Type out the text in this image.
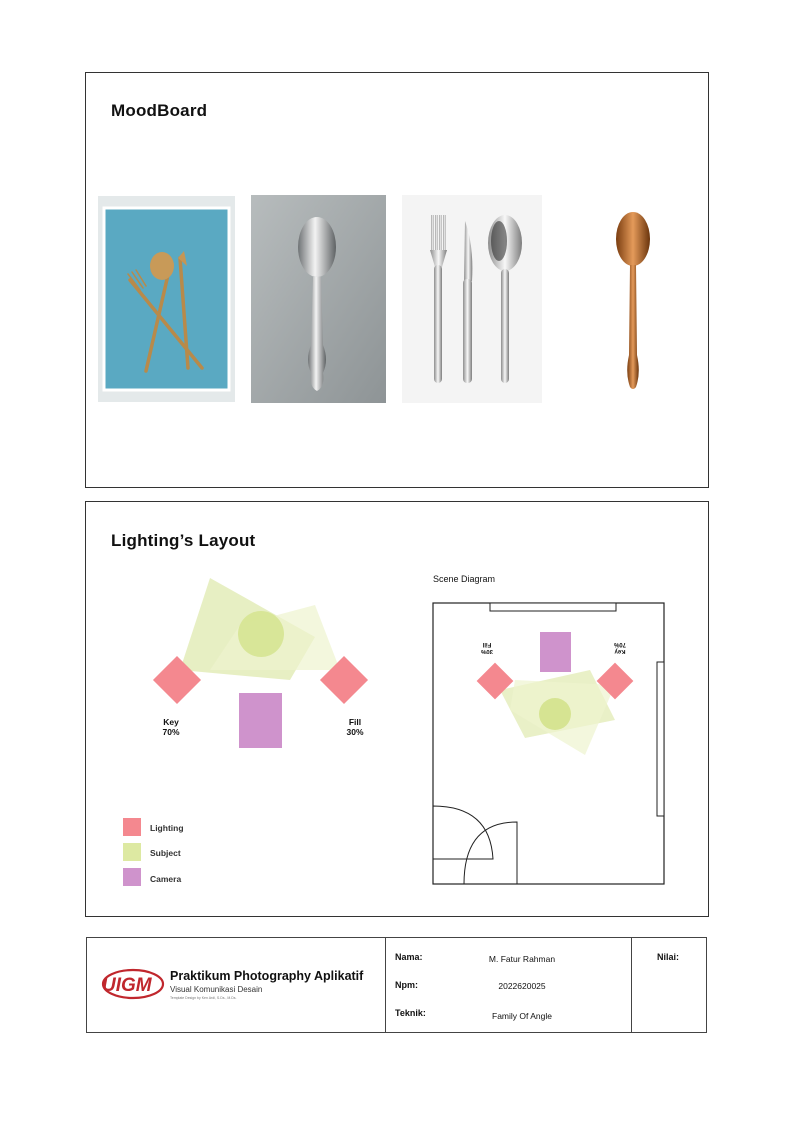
MoodBoard
Lighting’s Layout
Key
70%
Fill
30%
Lighting
Subject
Camera
Scene Diagram
30%
Fill
Key
70%
UIGM Praktikum Photography Aplikatif
Visual Komunikasi Desain
Template Design by Ken Ardi, S.Ds., M.Ds.
Nama:	M. Fatur Rahman
Npm:	2022620025
Teknik:	Family Of Angle
Nilai:
